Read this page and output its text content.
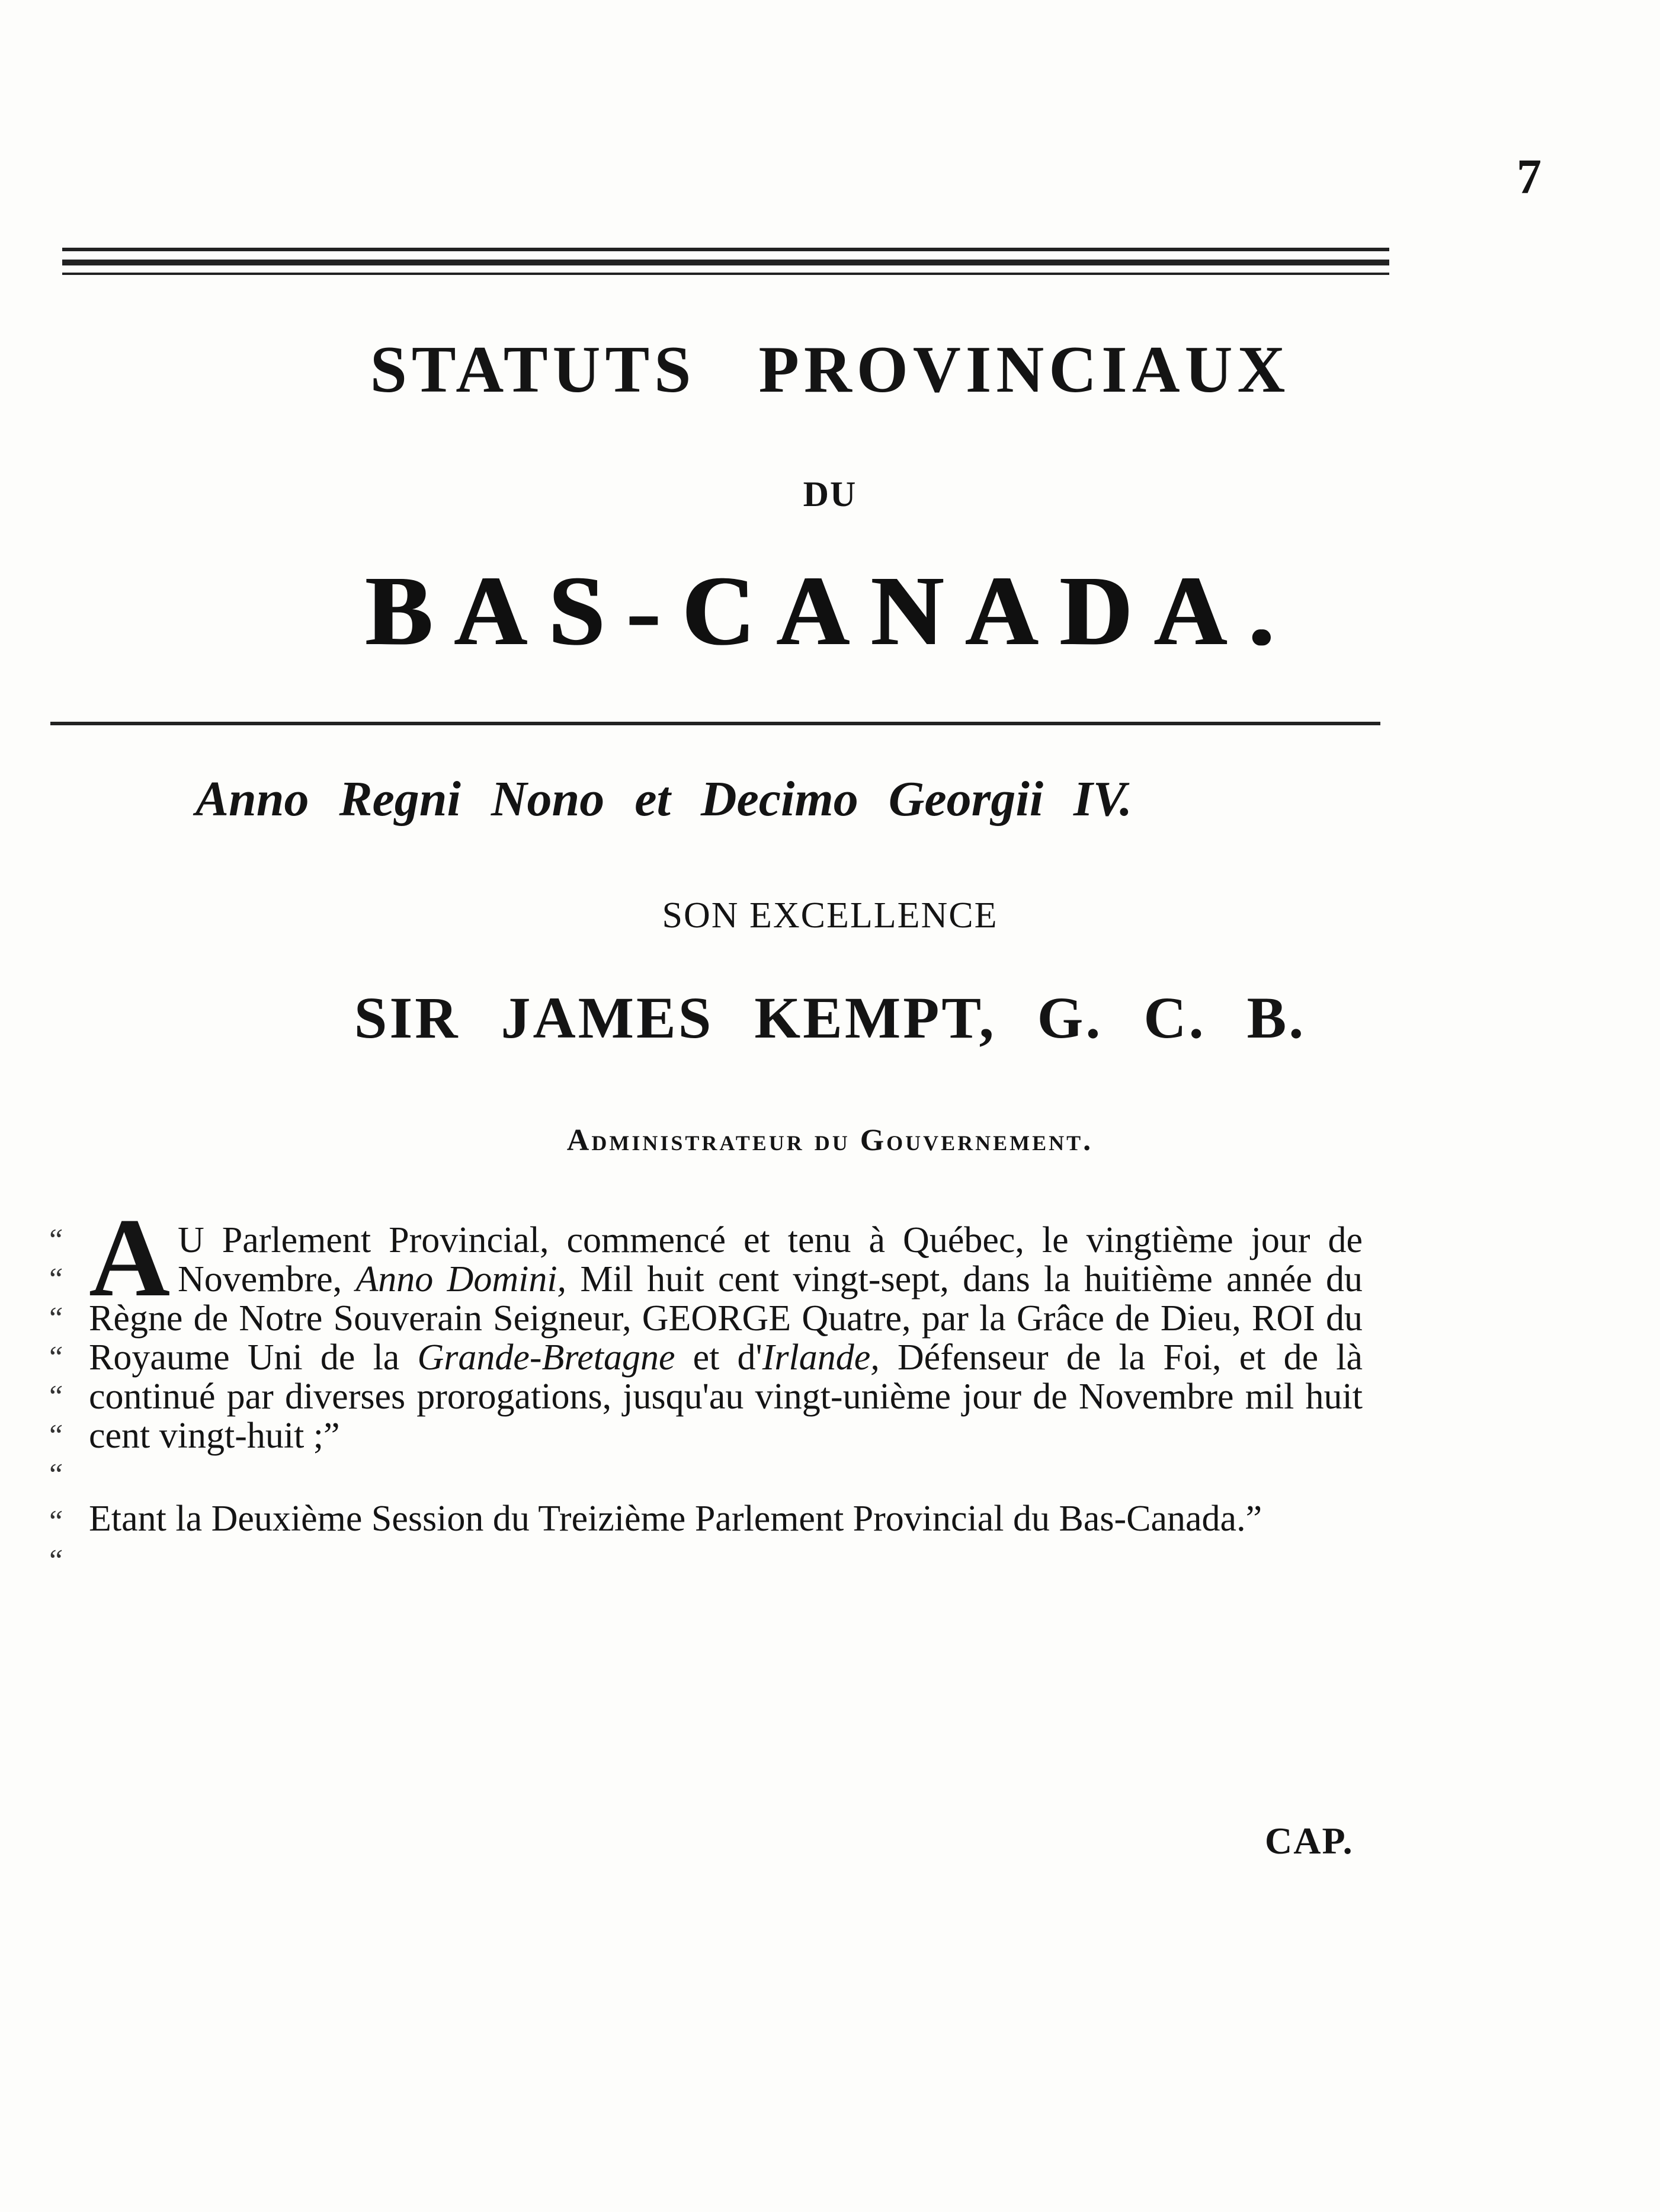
7
STATUTS PROVINCIAUX
DU
BAS-CANADA.
Anno Regni Nono et Decimo Georgii IV.
SON EXCELLENCE
SIR JAMES KEMPT, G. C. B.
Administrateur du Gouvernement.
“
“
“
“
“
“
“
A U Parlement Provincial, commencé et tenu à Québec, le vingtième jour de Novembre, Anno Domini, Mil huit cent vingt-sept, dans la huitième année du Règne de Notre Souverain Seigneur, GEORGE Quatre, par la Grâce de Dieu, ROI du Royaume Uni de la Grande-Bretagne et d'Irlande, Défenseur de la Foi, et de là continué par diverses prorogations, jusqu'au vingt-unième jour de Novembre mil huit cent vingt-huit ;”
“
“
Etant la Deuxième Session du Treizième Parlement Provincial du Bas-Canada.”
CAP.
